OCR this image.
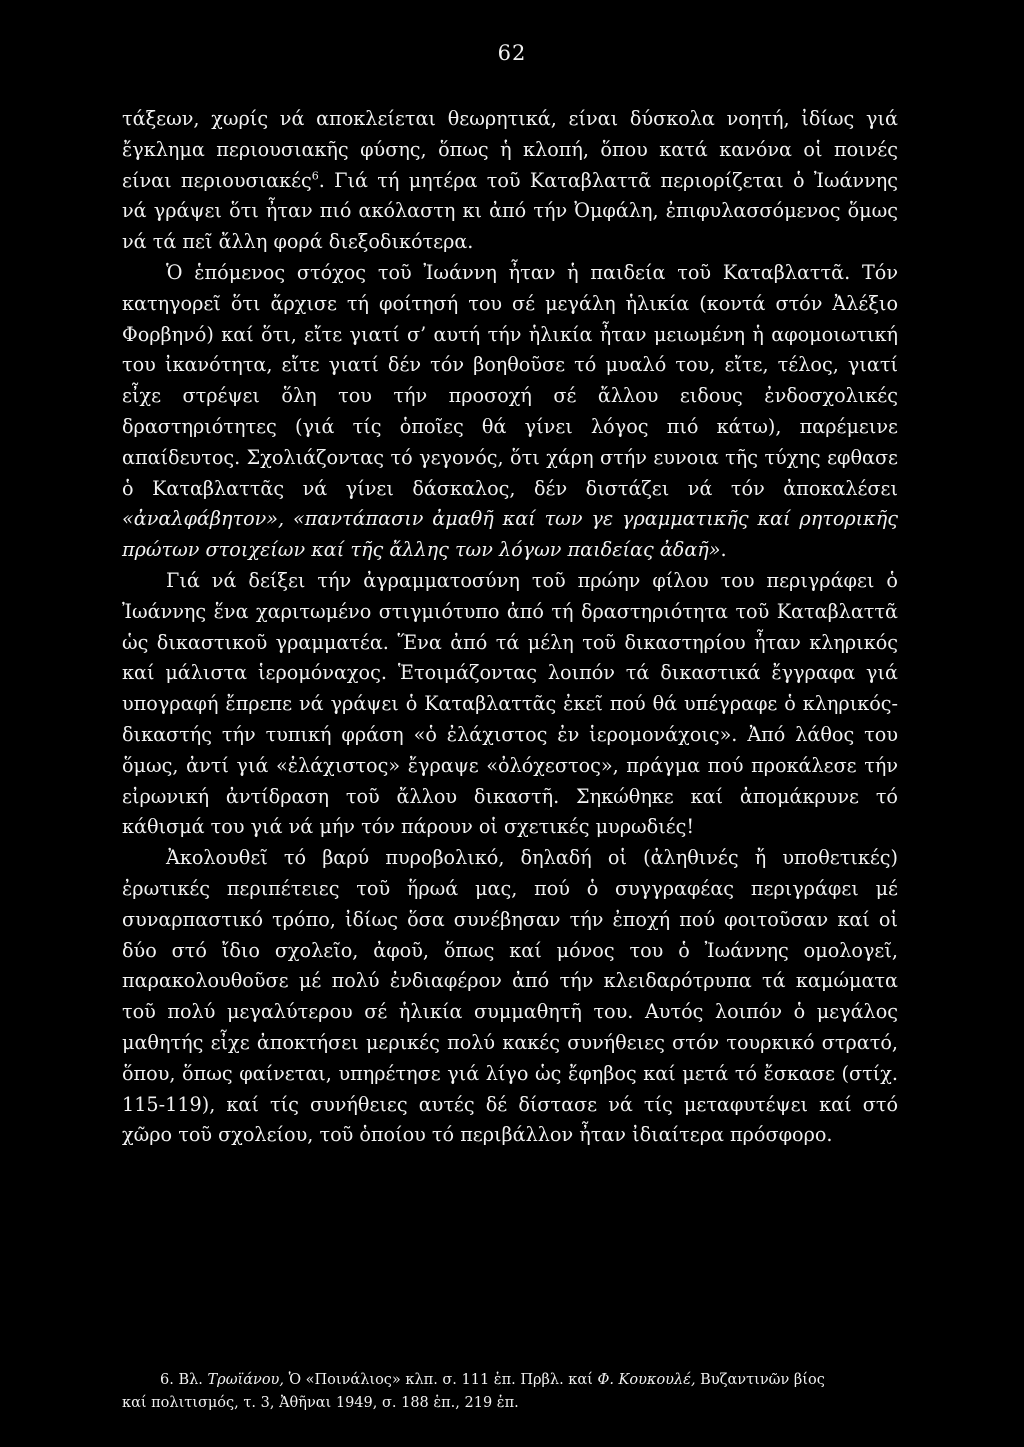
62

τάξεων, χωρίς νά αποκλείεται θεωρητικά, είναι δύσκολα νοητή, ἰδίως γιά ἔγκλημα περιουσιακῆς φύσης, ὅπως ἡ κλοπή, ὅπου κατά κανόνα οἱ ποινές είναι περιουσιακές$^6$. Γιά τή μητέρα τοῦ Καταβλαττᾶ περιορίζεται ὁ Ἰωάννης νά γράψει ὅτι ἦταν πιό ακόλαστη κι ἀπό τήν Ὀμφάλη, ἐπιφυλασσόμενος ὅμως νά τά πεῖ ἄλλη φορά διεξοδικότερα.

Ὁ ἑπόμενος στόχος τοῦ Ἰωάννη ἦταν ἡ παιδεία τοῦ Καταβλαττᾶ. Τόν κατηγορεῖ ὅτι ἄρχισε τή φοίτησή του σέ μεγάλη ἡλικία (κοντά στόν Ἀλέξιο Φορβηνό) καί ὅτι, εἴτε γιατί σ’ αυτή τήν ἡλικία ἦταν μειωμένη ἡ αφομοιωτική του ἰκανότητα, εἴτε γιατί δέν τόν βοηθοῦσε τό μυαλό του, εἴτε, τέλος, γιατί εἶχε στρέψει ὅλη του τήν προσοχή σέ ἄλλου ειδους ἐνδοσχολικές δραστηριότητες (γιά τίς ὁποῖες θά γίνει λόγος πιό κάτω), παρέμεινε απαίδευτος. Σχολιάζοντας τό γεγονός, ὅτι χάρη στήν ευνοια τῆς τύχης εφθασε ὁ Καταβλαττᾶς νά γίνει δάσκαλος, δέν διστάζει νά τόν ἀποκαλέσει «ἀναλφάβητον», «παντάπασιν ἀμαθῆ καί των γε γραμματικῆς καί ρητορικῆς πρώτων στοιχείων καί τῆς ἄλλης των λόγων παιδείας ἀδαῆ».

Γιά νά δείξει τήν ἀγραμματοσύνη τοῦ πρώην φίλου του περιγράφει ὁ Ἰωάννης ἕνα χαριτωμένο στιγμιότυπο ἀπό τή δραστηριότητα τοῦ Καταβλαττᾶ ὡς δικαστικοῦ γραμματέα. Ἕνα ἀπό τά μέλη τοῦ δικαστηρίου ἦταν κληρικός καί μάλιστα ἱερομόναχος. Ἑτοιμάζοντας λοιπόν τά δικαστικά ἔγγραφα γιά υπογραφή ἔπρεπε νά γράψει ὁ Καταβλαττᾶς ἐκεῖ πού θά υπέγραφε ὁ κληρικός-δικαστής τήν τυπική φράση «ὁ ἐλάχιστος ἐν ἱερομονάχοις». Ἀπό λάθος του ὅμως, ἀντί γιά «ἐλάχιστος» ἔγραψε «ὀλόχεστος», πράγμα πού προκάλεσε τήν εἰρωνική ἀντίδραση τοῦ ἄλλου δικαστῆ. Σηκώθηκε καί ἀπομάκρυνε τό κάθισμά του γιά νά μήν τόν πάρουν οἱ σχετικές μυρωδιές!

Ἀκολουθεῖ τό βαρύ πυροβολικό, δηλαδή οἱ (ἀληθινές ἤ υποθετικές) ἐρωτικές περιπέτειες τοῦ ἥρωά μας, πού ὁ συγγραφέας περιγράφει μέ συναρπαστικό τρόπο, ἰδίως ὅσα συνέβησαν τήν ἐποχή πού φοιτοῦσαν καί οἱ δύο στό ἴδιο σχολεῖο, ἀφοῦ, ὅπως καί μόνος του ὁ Ἰωάννης ομολογεῖ, παρακολουθοῦσε μέ πολύ ἐνδιαφέρον ἀπό τήν κλειδαρότρυπα τά καμώματα τοῦ πολύ μεγαλύτερου σέ ἡλικία συμμαθητῆ του. Αυτός λοιπόν ὁ μεγάλος μαθητής εἶχε ἀποκτήσει μερικές πολύ κακές συνήθειες στόν τουρκικό στρατό, ὅπου, ὅπως φαίνεται, υπηρέτησε γιά λίγο ὡς ἔφηβος καί μετά τό ἔσκασε (στίχ. 115-119), καί τίς συνήθειες αυτές δέ δίστασε νά τίς μεταφυτέψει καί στό χῶρο τοῦ σχολείου, τοῦ ὁποίου τό περιβάλλον ἦταν ἰδιαίτερα πρόσφορο.

6. Βλ. Τρωϊάνου, Ὁ «Ποινάλιος» κλπ. σ. 111 ἑπ. Πρβλ. καί Φ. Κουκουλέ, Βυζαντινῶν βίος

καί πολιτισμός, τ. 3, Ἀθῆναι 1949, σ. 188 ἑπ., 219 ἑπ.
